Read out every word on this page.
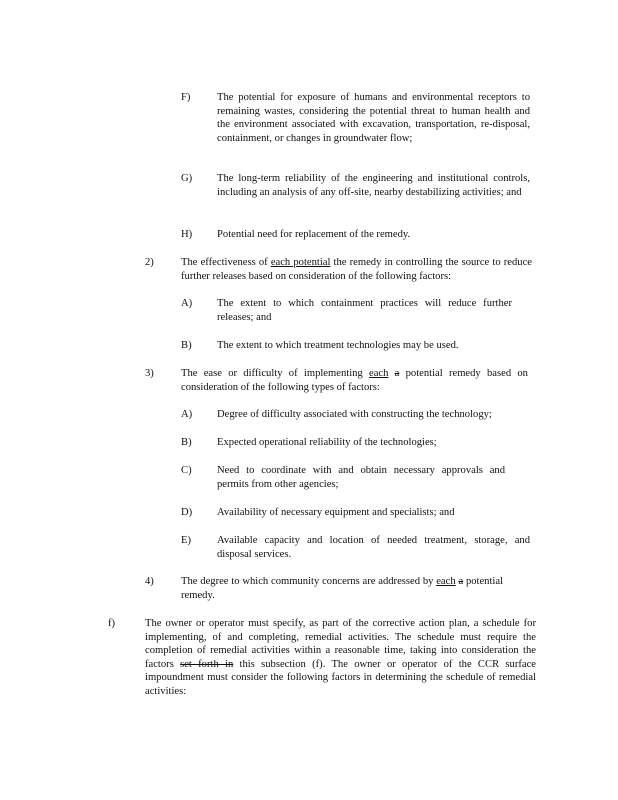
F)	The potential for exposure of humans and environmental receptors to remaining wastes, considering the potential threat to human health and the environment associated with excavation, transportation, re-disposal, containment, or changes in groundwater flow;
G) The long-term reliability of the engineering and institutional controls, including an analysis of any off-site, nearby destabilizing activities; and
H) Potential need for replacement of the remedy.
2)	The effectiveness of each potential the remedy in controlling the source to reduce further releases based on consideration of the following factors:
A) The extent to which containment practices will reduce further releases; and
B) The extent to which treatment technologies may be used.
3)	The ease or difficulty of implementing each a potential remedy based on consideration of the following types of factors:
A) Degree of difficulty associated with constructing the technology;
B) Expected operational reliability of the technologies;
C) Need to coordinate with and obtain necessary approvals and permits from other agencies;
D) Availability of necessary equipment and specialists; and
E) Available capacity and location of needed treatment, storage, and disposal services.
4)	The degree to which community concerns are addressed by each a potential remedy.
f)	The owner or operator must specify, as part of the corrective action plan, a schedule for implementing, of and completing, remedial activities. The schedule must require the completion of remedial activities within a reasonable time, taking into consideration the factors set forth in this subsection (f). The owner or operator of the CCR surface impoundment must consider the following factors in determining the schedule of remedial activities:
